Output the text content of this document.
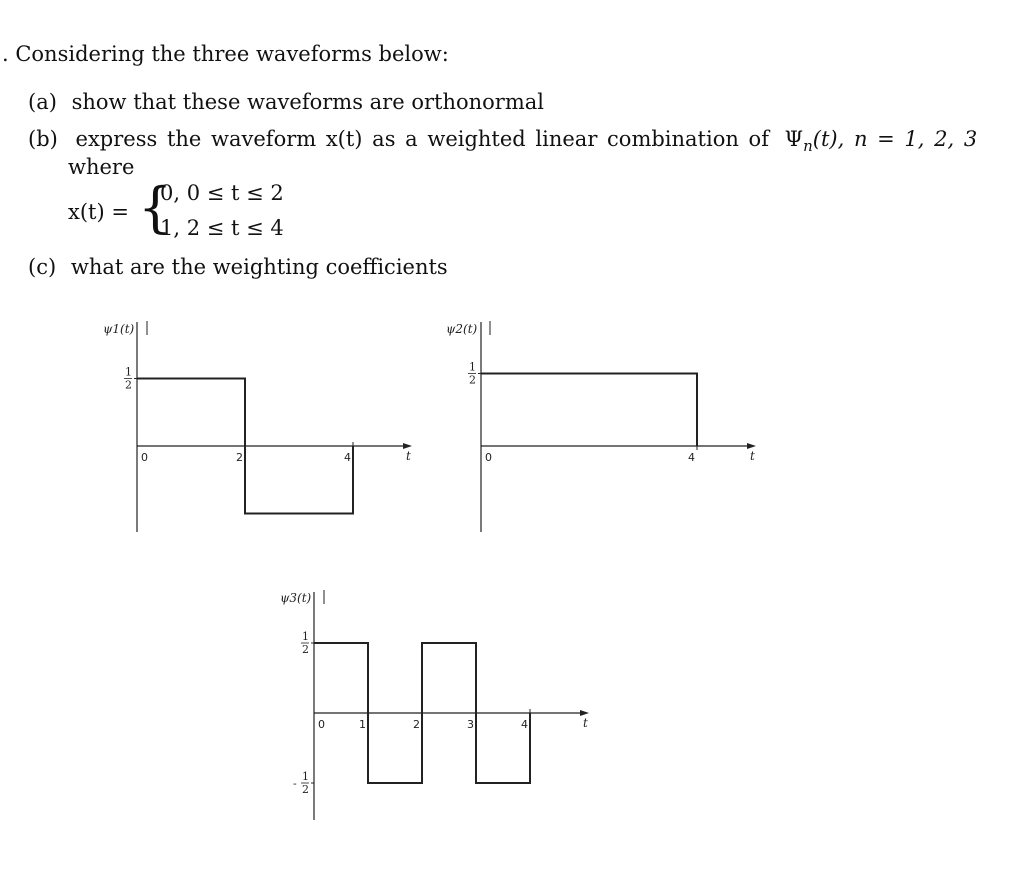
. Considering the three waveforms below:
(a) show that these waveforms are orthonormal
(b) express the waveform x(t) as a weighted linear combination of $\Psi_n(t)$, n = 1, 2, 3
where
x(t) = {
0, 0 ≤ t ≤ 2
1, 2 ≤ t ≤ 4
(c) what are the weighting coefficients
ψ1(t)
t
0	2	4
1
2
ψ2(t)
t
0	4
1
2
ψ3(t)
t
0	1	2	3	4
1
2
1
2
-
